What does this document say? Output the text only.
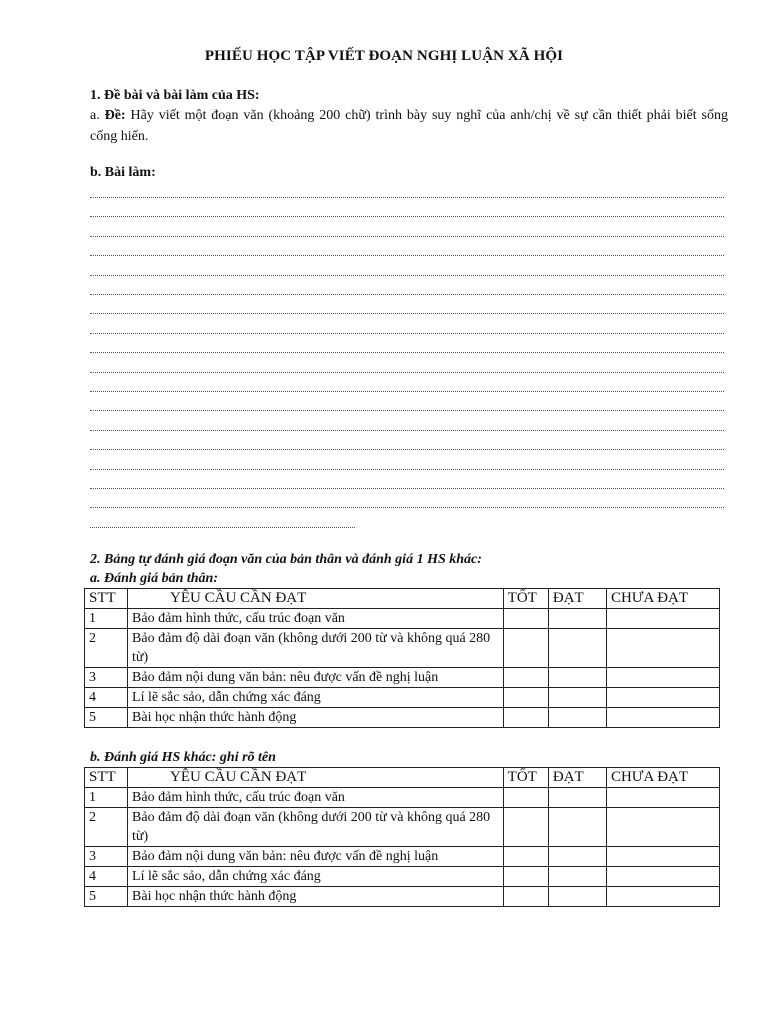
PHIẾU HỌC TẬP VIẾT ĐOẠN NGHỊ LUẬN XÃ HỘI
1. Đề bài và bài làm của HS:
a. Đề: Hãy viết một đoạn văn (khoảng 200 chữ) trình bày suy nghĩ của anh/chị về sự cần thiết phải biết sống cống hiến.
b. Bài làm:
2. Bảng tự đánh giá đoạn văn của bản thân và đánh giá 1 HS khác:
a. Đánh giá bản thân:
STT	YÊU CẦU CẦN ĐẠT	TỐT	ĐẠT	CHƯA ĐẠT
1	Bảo đảm hình thức, cấu trúc đoạn văn			
2	Bảo đảm độ dài đoạn văn (không dưới 200 từ và không quá 280 từ)			
3	Bảo đảm nội dung văn bản: nêu được vấn đề nghị luận			
4	Lí lẽ sắc sảo, dẫn chứng xác đáng			
5	Bài học nhận thức hành động			
b. Đánh giá HS khác: ghi rõ tên
STT	YÊU CẦU CẦN ĐẠT	TỐT	ĐẠT	CHƯA ĐẠT
1	Bảo đảm hình thức, cấu trúc đoạn văn			
2	Bảo đảm độ dài đoạn văn (không dưới 200 từ và không quá 280 từ)			
3	Bảo đảm nội dung văn bản: nêu được vấn đề nghị luận			
4	Lí lẽ sắc sảo, dẫn chứng xác đáng			
5	Bài học nhận thức hành động			
